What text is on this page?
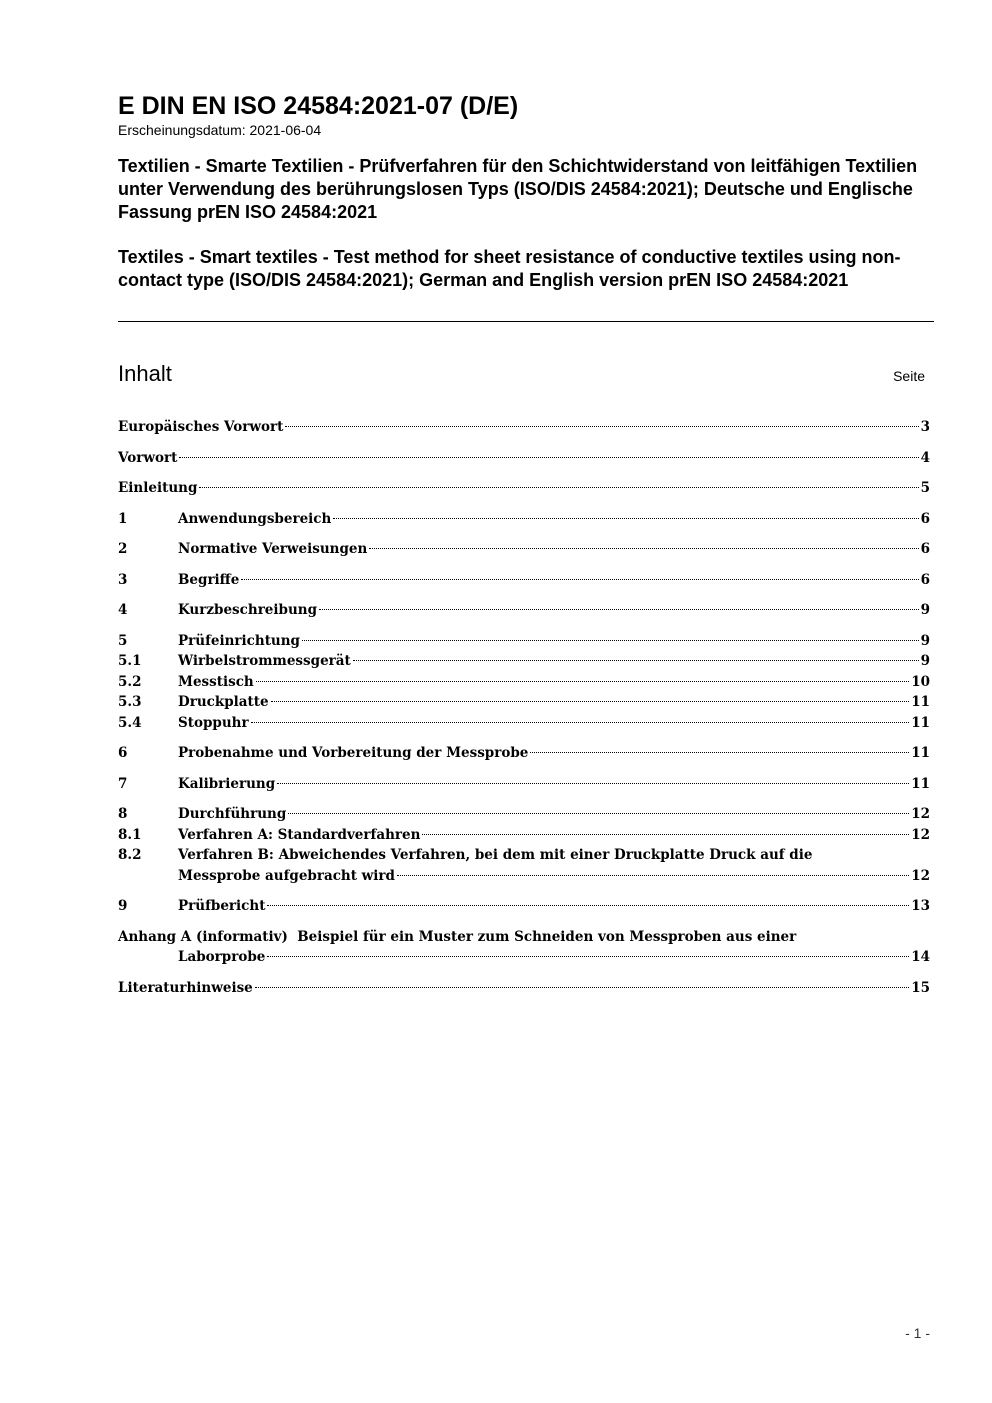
E DIN EN ISO 24584:2021-07 (D/E)

Erscheinungsdatum: 2021-06-04

Textilien - Smarte Textilien - Prüfverfahren für den Schichtwiderstand von leitfähigen Textilien unter Verwendung des berührungslosen Typs (ISO/DIS 24584:2021); Deutsche und Englische Fassung prEN ISO 24584:2021

Textiles - Smart textiles - Test method for sheet resistance of conductive textiles using non-contact type (ISO/DIS 24584:2021); German and English version prEN ISO 24584:2021

Inhalt	Seite
Europäisches Vorwort	3
Vorwort	4
Einleitung	5
1	Anwendungsbereich	6
2	Normative Verweisungen	6
3	Begriffe	6
4	Kurzbeschreibung	9
5	Prüfeinrichtung	9
5.1	Wirbelstrommessgerät	9
5.2	Messtisch	10
5.3	Druckplatte	11
5.4	Stoppuhr	11
6	Probenahme und Vorbereitung der Messprobe	11
7	Kalibrierung	11
8	Durchführung	12
8.1	Verfahren A: Standardverfahren	12
8.2	Verfahren B: Abweichendes Verfahren, bei dem mit einer Druckplatte Druck auf die
Messprobe aufgebracht wird	12
9	Prüfbericht	13
Anhang A (informativ)  Beispiel für ein Muster zum Schneiden von Messproben aus einer
Laborprobe	14
Literaturhinweise	15
- 1 -
